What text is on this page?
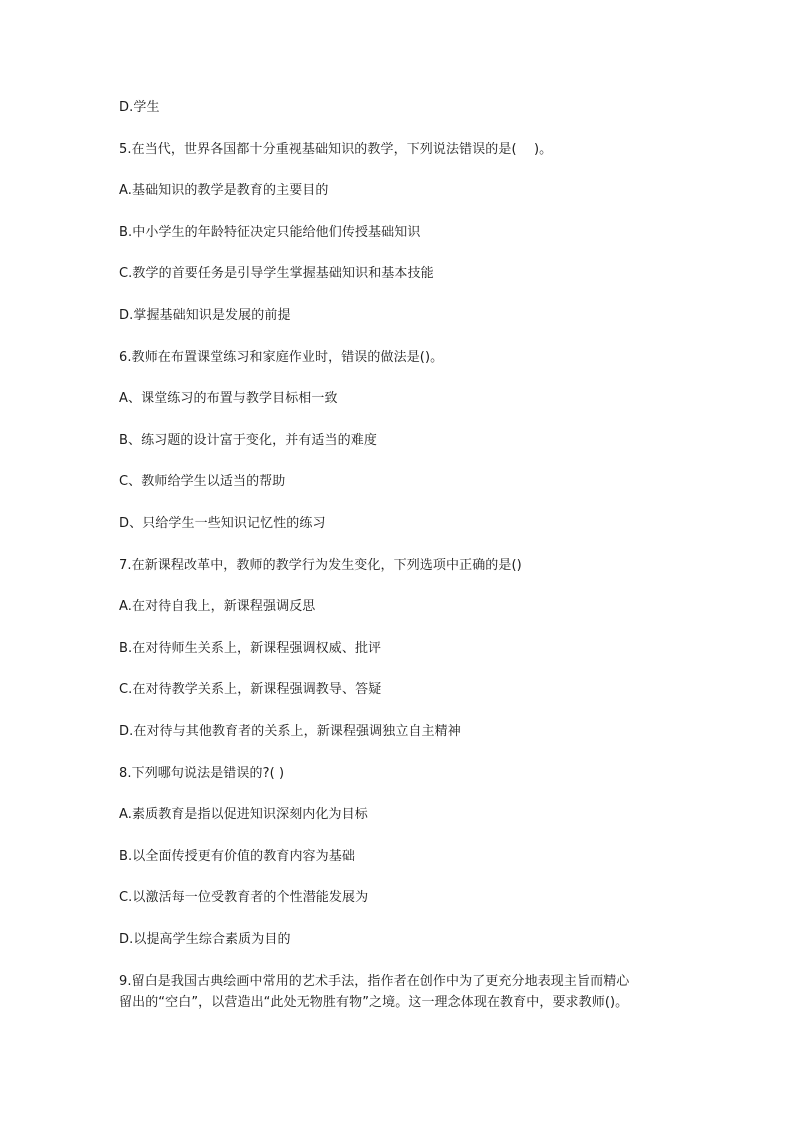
D.学生
5.在当代，世界各国都十分重视基础知识的教学，下列说法错误的是(　 )。
A.基础知识的教学是教育的主要目的
B.中小学生的年龄特征决定只能给他们传授基础知识
C.教学的首要任务是引导学生掌握基础知识和基本技能
D.掌握基础知识是发展的前提
6.教师在布置课堂练习和家庭作业时，错误的做法是()。
A、课堂练习的布置与教学目标相一致
B、练习题的设计富于变化，并有适当的难度
C、教师给学生以适当的帮助
D、只给学生一些知识记忆性的练习
7.在新课程改革中，教师的教学行为发生变化，下列选项中正确的是()
A.在对待自我上，新课程强调反思
B.在对待师生关系上，新课程强调权威、批评
C.在对待教学关系上，新课程强调教导、答疑
D.在对待与其他教育者的关系上，新课程强调独立自主精神
8.下列哪句说法是错误的?( )
A.素质教育是指以促进知识深刻内化为目标
B.以全面传授更有价值的教育内容为基础
C.以激活每一位受教育者的个性潜能发展为
D.以提高学生综合素质为目的
9.留白是我国古典绘画中常用的艺术手法，指作者在创作中为了更充分地表现主旨而精心
留出的“空白”，以营造出“此处无物胜有物”之境。这一理念体现在教育中，要求教师()。
